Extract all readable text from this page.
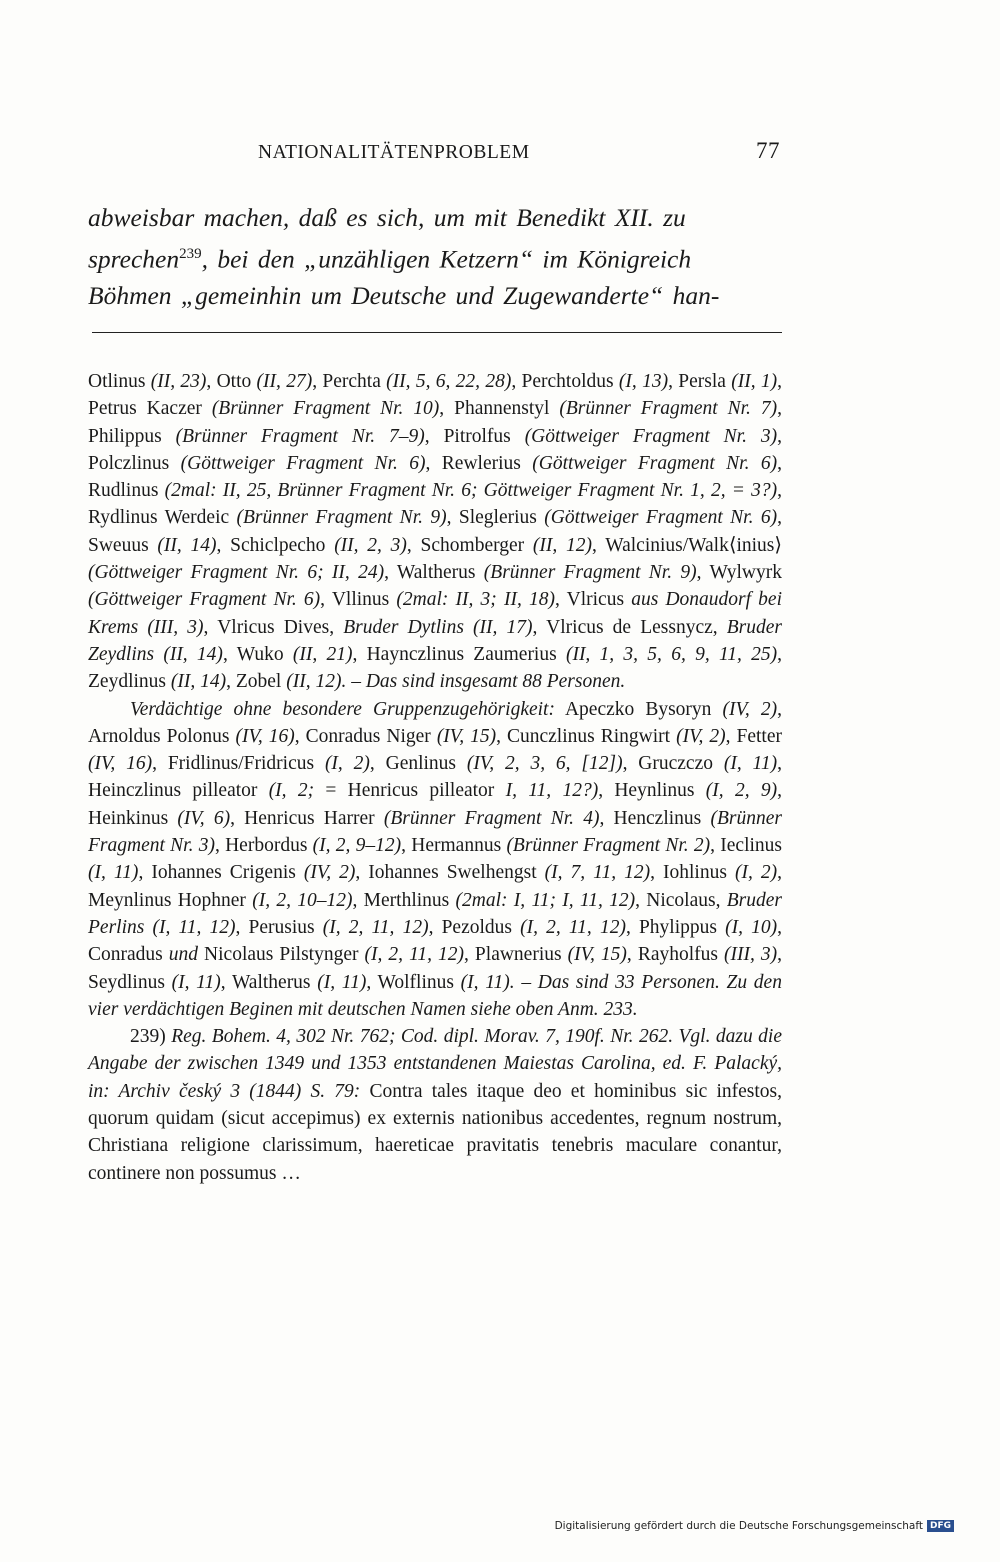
NATIONALITÄTENPROBLEM	77
abweisbar machen, daß es sich, um mit Benedikt XII. zu
sprechen$^{239}$, bei den „unzähligen Ketzern“ im Königreich
Böhmen „gemeinhin um Deutsche und Zugewanderte“ han-

Otlinus (II, 23), Otto (II, 27), Perchta (II, 5, 6, 22, 28), Perchtoldus (I, 13), Persla (II, 1), Petrus Kaczer (Brünner Fragment Nr. 10), Phannenstyl (Brünner Fragment Nr. 7), Philippus (Brünner Fragment Nr. 7–9), Pitrolfus (Göttweiger Fragment Nr. 3), Polczlinus (Göttweiger Fragment Nr. 6), Rewlerius (Göttweiger Fragment Nr. 6), Rudlinus (2mal: II, 25, Brünner Fragment Nr. 6; Göttweiger Fragment Nr. 1, 2, = 3?), Rydlinus Werdeic (Brünner Fragment Nr. 9), Sleglerius (Göttweiger Fragment Nr. 6), Sweuus (II, 14), Schiclpecho (II, 2, 3), Schomberger (II, 12), Walcinius/Walk⟨inius⟩ (Göttweiger Fragment Nr. 6; II, 24), Waltherus (Brünner Fragment Nr. 9), Wylwyrk (Göttweiger Fragment Nr. 6), Vllinus (2mal: II, 3; II, 18), Vlricus aus Donaudorf bei Krems (III, 3), Vlricus Dives, Bruder Dytlins (II, 17), Vlricus de Lessnycz, Bruder Zeydlins (II, 14), Wuko (II, 21), Haynczlinus Zaumerius (II, 1, 3, 5, 6, 9, 11, 25), Zeydlinus (II, 14), Zobel (II, 12). – Das sind insgesamt 88 Personen.

Verdächtige ohne besondere Gruppenzugehörigkeit: Apeczko Bysoryn (IV, 2), Arnoldus Polonus (IV, 16), Conradus Niger (IV, 15), Cunczlinus Ringwirt (IV, 2), Fetter (IV, 16), Fridlinus/Fridricus (I, 2), Genlinus (IV, 2, 3, 6, [12]), Gruczczo (I, 11), Heinczlinus pilleator (I, 2; = Henricus pilleator I, 11, 12?), Heynlinus (I, 2, 9), Heinkinus (IV, 6), Henricus Harrer (Brünner Fragment Nr. 4), Henczlinus (Brünner Fragment Nr. 3), Herbordus (I, 2, 9–12), Hermannus (Brünner Fragment Nr. 2), Ieclinus (I, 11), Iohannes Crigenis (IV, 2), Iohannes Swelhengst (I, 7, 11, 12), Iohlinus (I, 2), Meynlinus Hophner (I, 2, 10–12), Merthlinus (2mal: I, 11; I, 11, 12), Nicolaus, Bruder Perlins (I, 11, 12), Perusius (I, 2, 11, 12), Pezoldus (I, 2, 11, 12), Phylippus (I, 10), Conradus und Nicolaus Pilstynger (I, 2, 11, 12), Plawnerius (IV, 15), Rayholfus (III, 3), Seydlinus (I, 11), Waltherus (I, 11), Wolflinus (I, 11). – Das sind 33 Personen. Zu den vier verdächtigen Beginen mit deutschen Namen siehe oben Anm. 233.

239) Reg. Bohem. 4, 302 Nr. 762; Cod. dipl. Morav. 7, 190f. Nr. 262. Vgl. dazu die Angabe der zwischen 1349 und 1353 entstandenen Maiestas Carolina, ed. F. Palacký, in: Archiv český 3 (1844) S. 79: Contra tales itaque deo et hominibus sic infestos, quorum quidam (sicut accepimus) ex externis nationibus accedentes, regnum nostrum, Christiana religione clarissimum, haereticae pravitatis tenebris maculare conantur, continere non possumus …

Digitalisierung gefördert durch die Deutsche Forschungsgemeinschaft DFG
